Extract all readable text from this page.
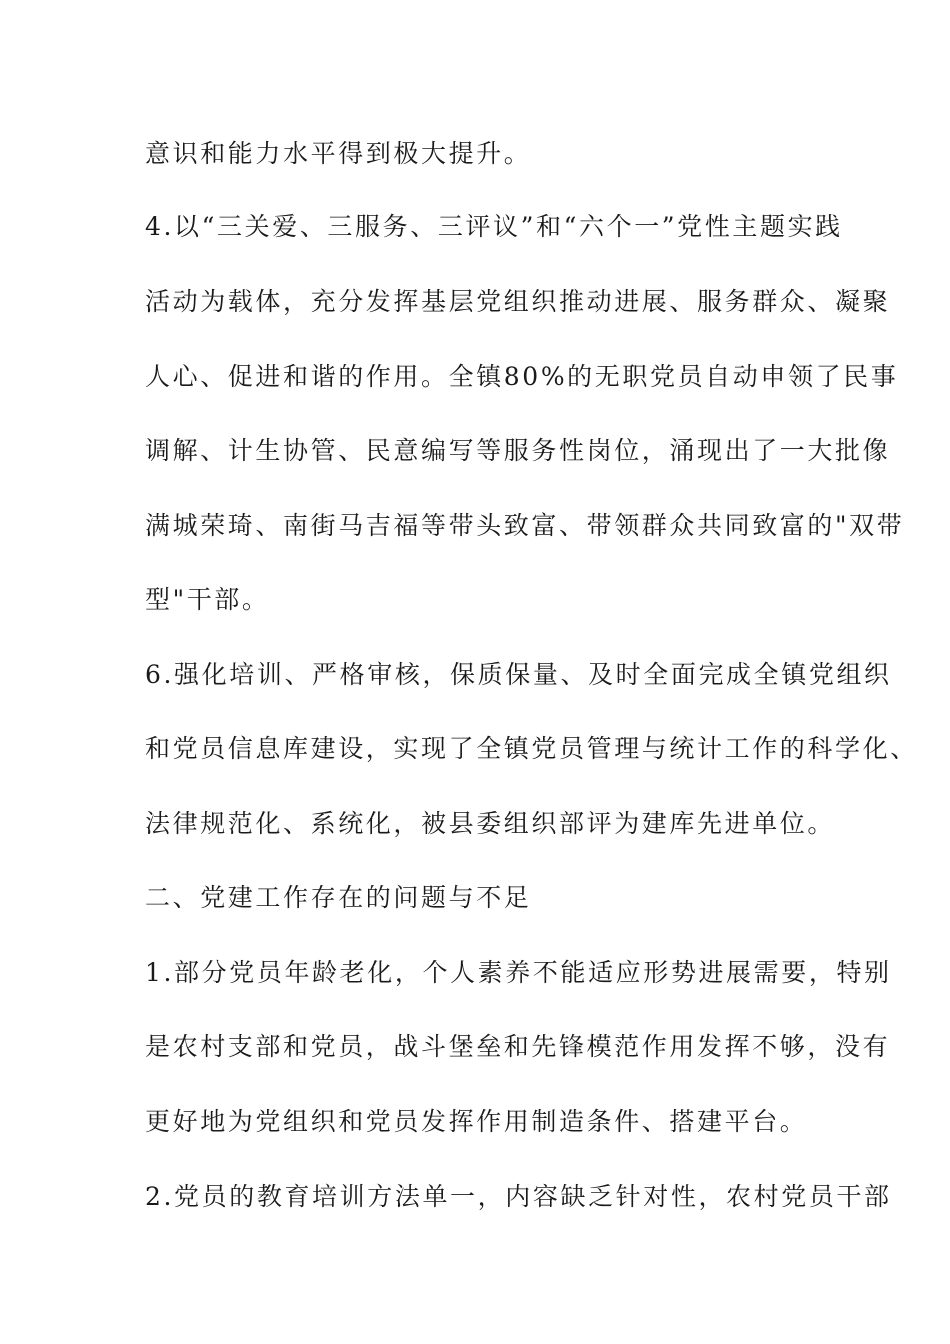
意识和能力水平得到极大提升。
4.以“三关爱、三服务、三评议”和“六个一”党性主题实践
活动为载体，充分发挥基层党组织推动进展、服务群众、凝聚
人心、促进和谐的作用。全镇80%的无职党员自动申领了民事
调解、计生协管、民意编写等服务性岗位，涌现出了一大批像
满城荣琦、南街马吉福等带头致富、带领群众共同致富的"双带
型"干部。
6.强化培训、严格审核，保质保量、及时全面完成全镇党组织
和党员信息库建设，实现了全镇党员管理与统计工作的科学化、
法律规范化、系统化，被县委组织部评为建库先进单位。
二、党建工作存在的问题与不足
1.部分党员年龄老化，个人素养不能适应形势进展需要，特别
是农村支部和党员，战斗堡垒和先锋模范作用发挥不够，没有
更好地为党组织和党员发挥作用制造条件、搭建平台。
2.党员的教育培训方法单一，内容缺乏针对性，农村党员干部
